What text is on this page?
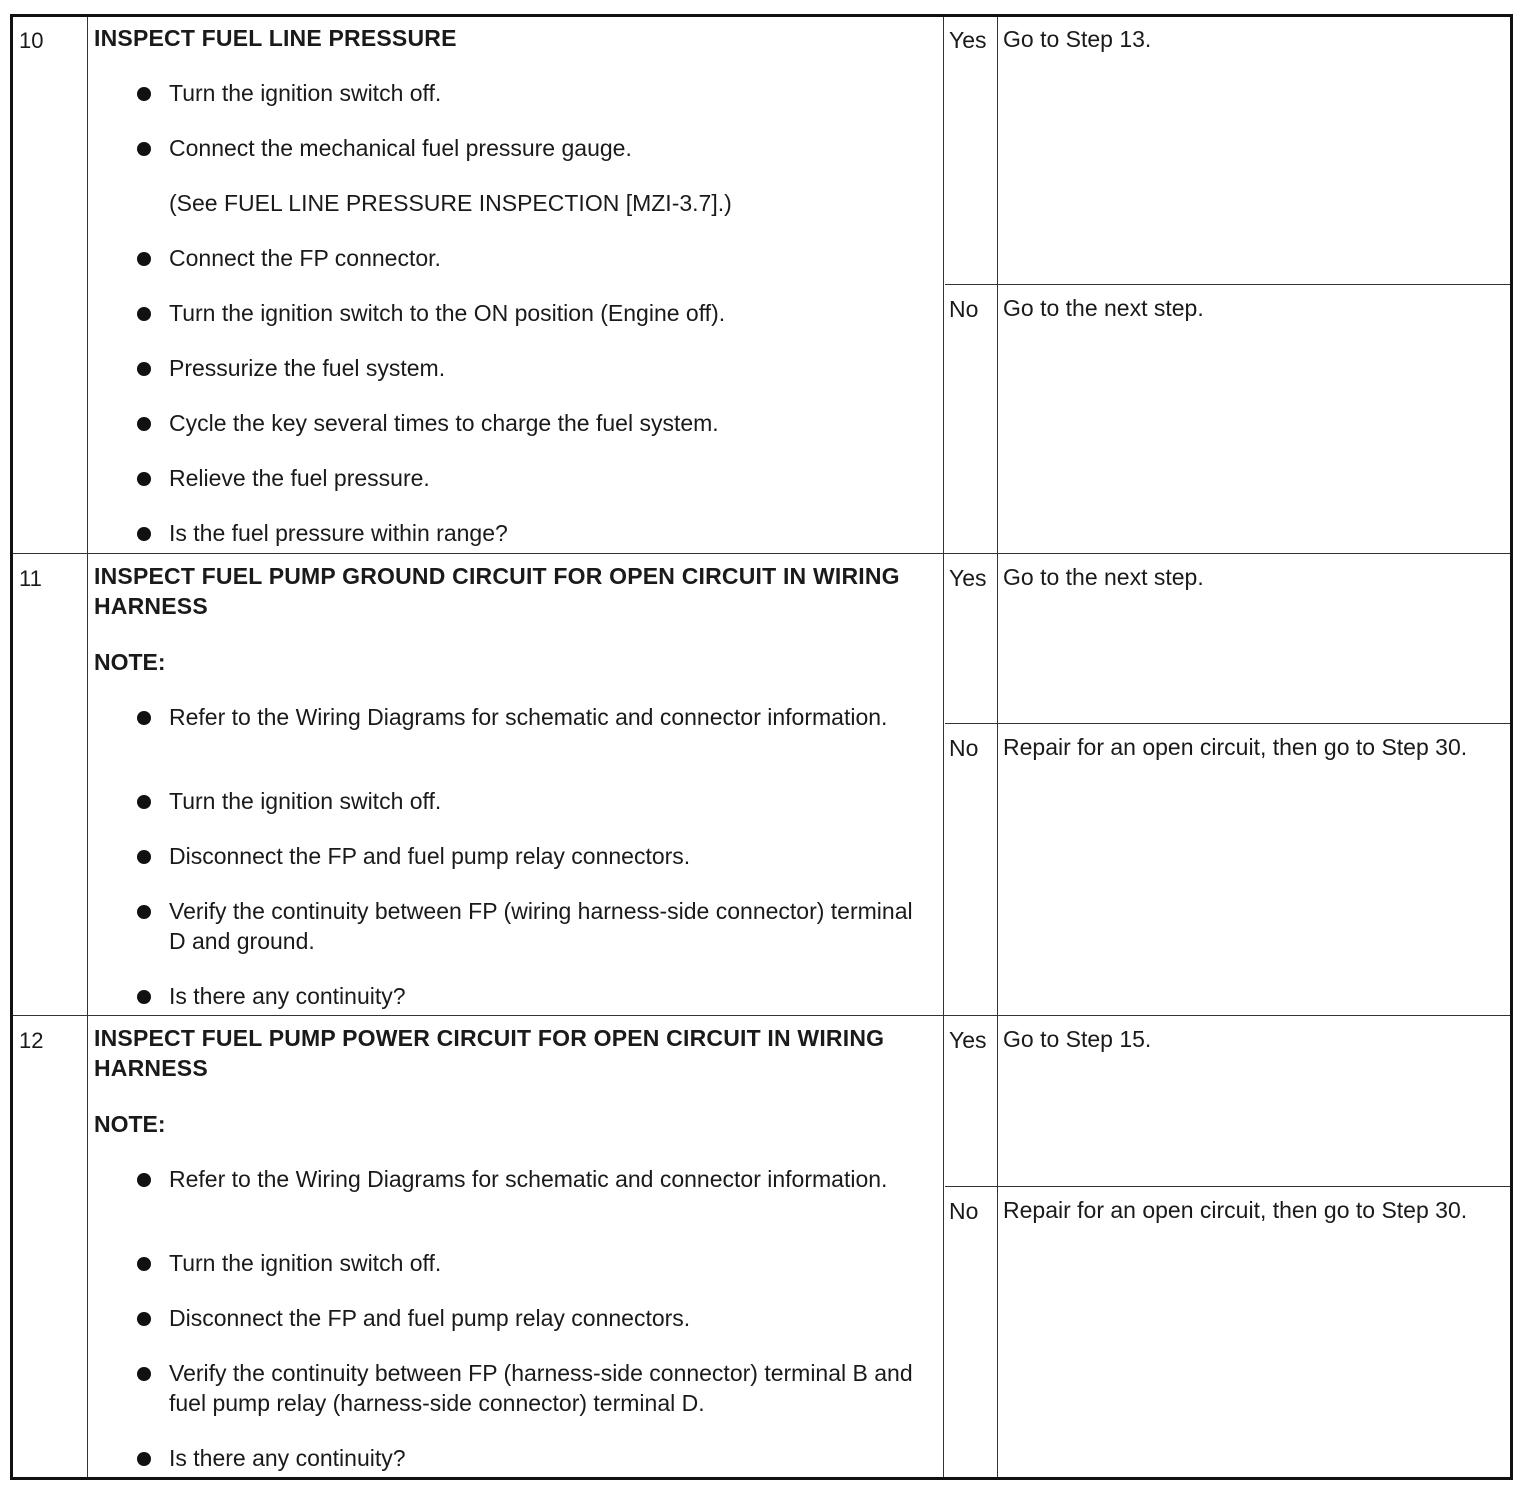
10 INSPECT FUEL LINE PRESSURE
Turn the ignition switch off.
Connect the mechanical fuel pressure gauge.
(See FUEL LINE PRESSURE INSPECTION [MZI-3.7].)
Connect the FP connector.
Turn the ignition switch to the ON position (Engine off).
Pressurize the fuel system.
Cycle the key several times to charge the fuel system.
Relieve the fuel pressure.
Is the fuel pressure within range?
Yes Go to Step 13.
No Go to the next step.
11 INSPECT FUEL PUMP GROUND CIRCUIT FOR OPEN CIRCUIT IN WIRING HARNESS
NOTE:
Refer to the Wiring Diagrams for schematic and connector information.
Turn the ignition switch off.
Disconnect the FP and fuel pump relay connectors.
Verify the continuity between FP (wiring harness-side connector) terminal D and ground.
Is there any continuity?
Yes Go to the next step.
No Repair for an open circuit, then go to Step 30.
12 INSPECT FUEL PUMP POWER CIRCUIT FOR OPEN CIRCUIT IN WIRING HARNESS
NOTE:
Refer to the Wiring Diagrams for schematic and connector information.
Turn the ignition switch off.
Disconnect the FP and fuel pump relay connectors.
Verify the continuity between FP (harness-side connector) terminal B and fuel pump relay (harness-side connector) terminal D.
Is there any continuity?
Yes Go to Step 15.
No Repair for an open circuit, then go to Step 30.
